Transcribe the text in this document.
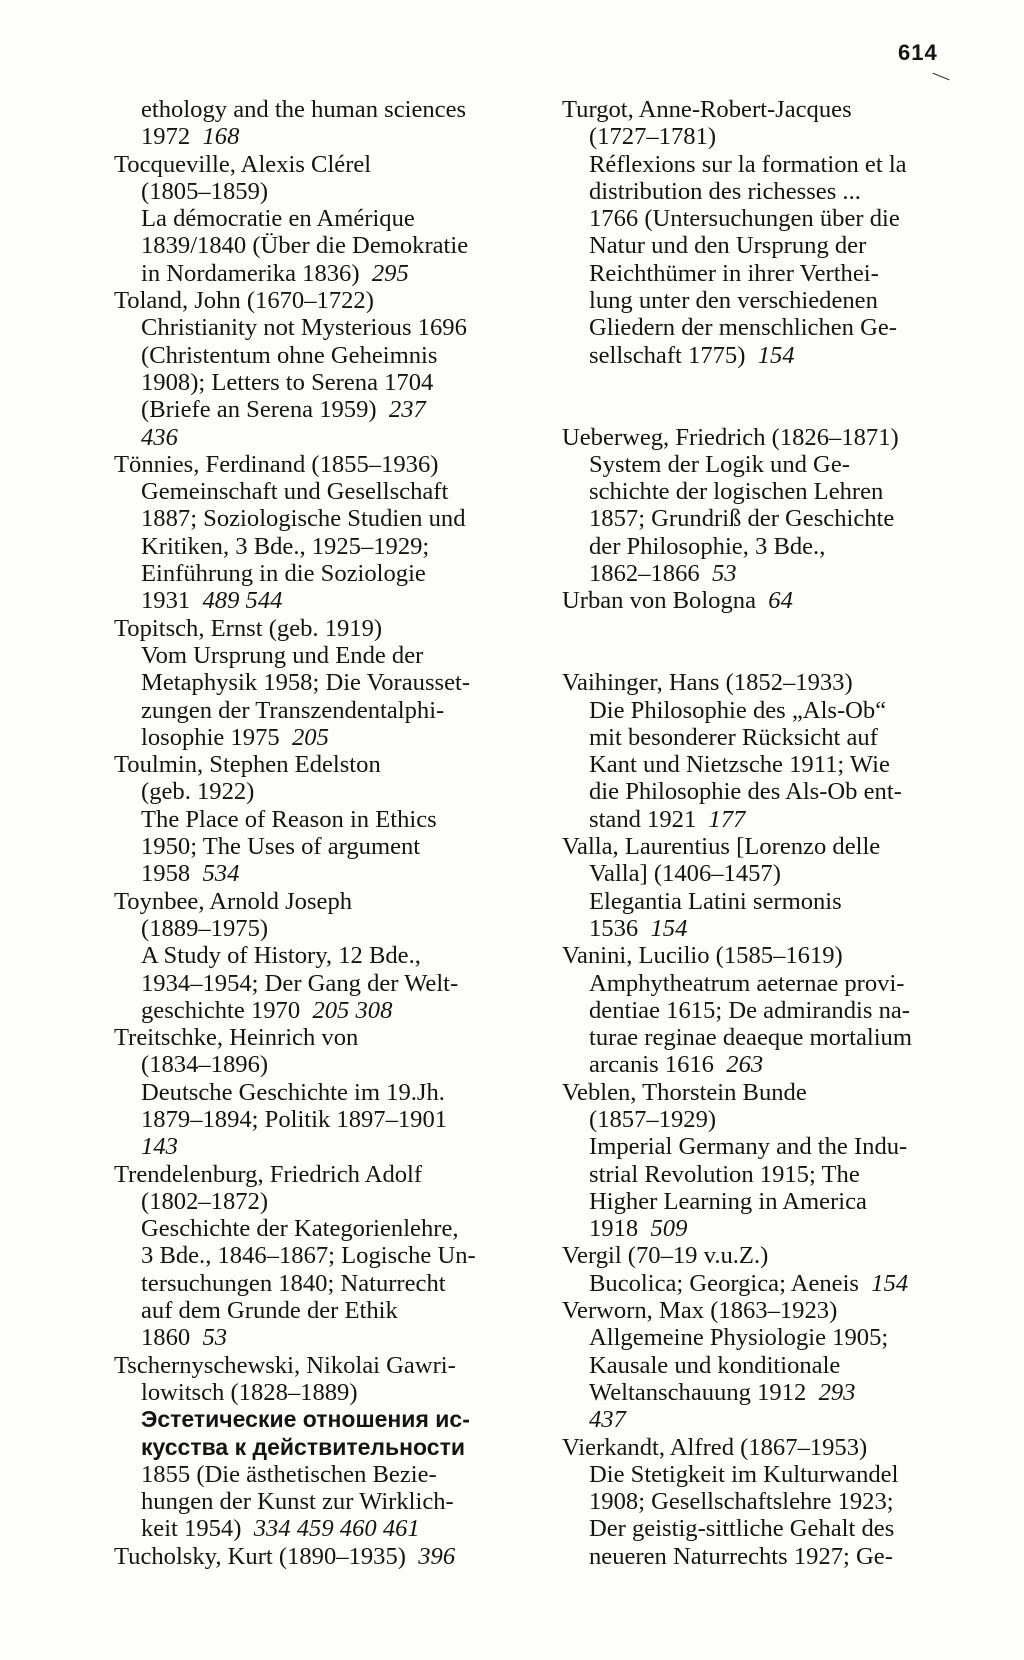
614
ethology and the human sciences
1972  168
Tocqueville, Alexis Clérel
(1805–1859)
La démocratie en Amérique
1839/1840 (Über die Demokratie
in Nordamerika 1836)  295
Toland, John (1670–1722)
Christianity not Mysterious 1696
(Christentum ohne Geheimnis
1908); Letters to Serena 1704
(Briefe an Serena 1959)  237
436
Tönnies, Ferdinand (1855–1936)
Gemeinschaft und Gesellschaft
1887; Soziologische Studien und
Kritiken, 3 Bde., 1925–1929;
Einführung in die Soziologie
1931  489 544
Topitsch, Ernst (geb. 1919)
Vom Ursprung und Ende der
Metaphysik 1958; Die Vorausset-
zungen der Transzendentalphi-
losophie 1975  205
Toulmin, Stephen Edelston
(geb. 1922)
The Place of Reason in Ethics
1950; The Uses of argument
1958  534
Toynbee, Arnold Joseph
(1889–1975)
A Study of History, 12 Bde.,
1934–1954; Der Gang der Welt-
geschichte 1970  205 308
Treitschke, Heinrich von
(1834–1896)
Deutsche Geschichte im 19.Jh.
1879–1894; Politik 1897–1901
143
Trendelenburg, Friedrich Adolf
(1802–1872)
Geschichte der Kategorienlehre,
3 Bde., 1846–1867; Logische Un-
tersuchungen 1840; Naturrecht
auf dem Grunde der Ethik
1860  53
Tschernyschewski, Nikolai Gawri-
lowitsch (1828–1889)
Эстетические отношения ис-
кусства к действительности
1855 (Die ästhetischen Bezie-
hungen der Kunst zur Wirklich-
keit 1954)  334 459 460 461
Tucholsky, Kurt (1890–1935)  396
Turgot, Anne-Robert-Jacques
(1727–1781)
Réflexions sur la formation et la
distribution des richesses ...
1766 (Untersuchungen über die
Natur und den Ursprung der
Reichthümer in ihrer Verthei-
lung unter den verschiedenen
Gliedern der menschlichen Ge-
sellschaft 1775)  154
Ueberweg, Friedrich (1826–1871)
System der Logik und Ge-
schichte der logischen Lehren
1857; Grundriß der Geschichte
der Philosophie, 3 Bde.,
1862–1866  53
Urban von Bologna  64
Vaihinger, Hans (1852–1933)
Die Philosophie des „Als-Ob“
mit besonderer Rücksicht auf
Kant und Nietzsche 1911; Wie
die Philosophie des Als-Ob ent-
stand 1921  177
Valla, Laurentius [Lorenzo delle
Valla] (1406–1457)
Elegantia Latini sermonis
1536  154
Vanini, Lucilio (1585–1619)
Amphytheatrum aeternae provi-
dentiae 1615; De admirandis na-
turae reginae deaeque mortalium
arcanis 1616  263
Veblen, Thorstein Bunde
(1857–1929)
Imperial Germany and the Indu-
strial Revolution 1915; The
Higher Learning in America
1918  509
Vergil (70–19 v.u.Z.)
Bucolica; Georgica; Aeneis  154
Verworn, Max (1863–1923)
Allgemeine Physiologie 1905;
Kausale und konditionale
Weltanschauung 1912  293
437
Vierkandt, Alfred (1867–1953)
Die Stetigkeit im Kulturwandel
1908; Gesellschaftslehre 1923;
Der geistig-sittliche Gehalt des
neueren Naturrechts 1927; Ge-
